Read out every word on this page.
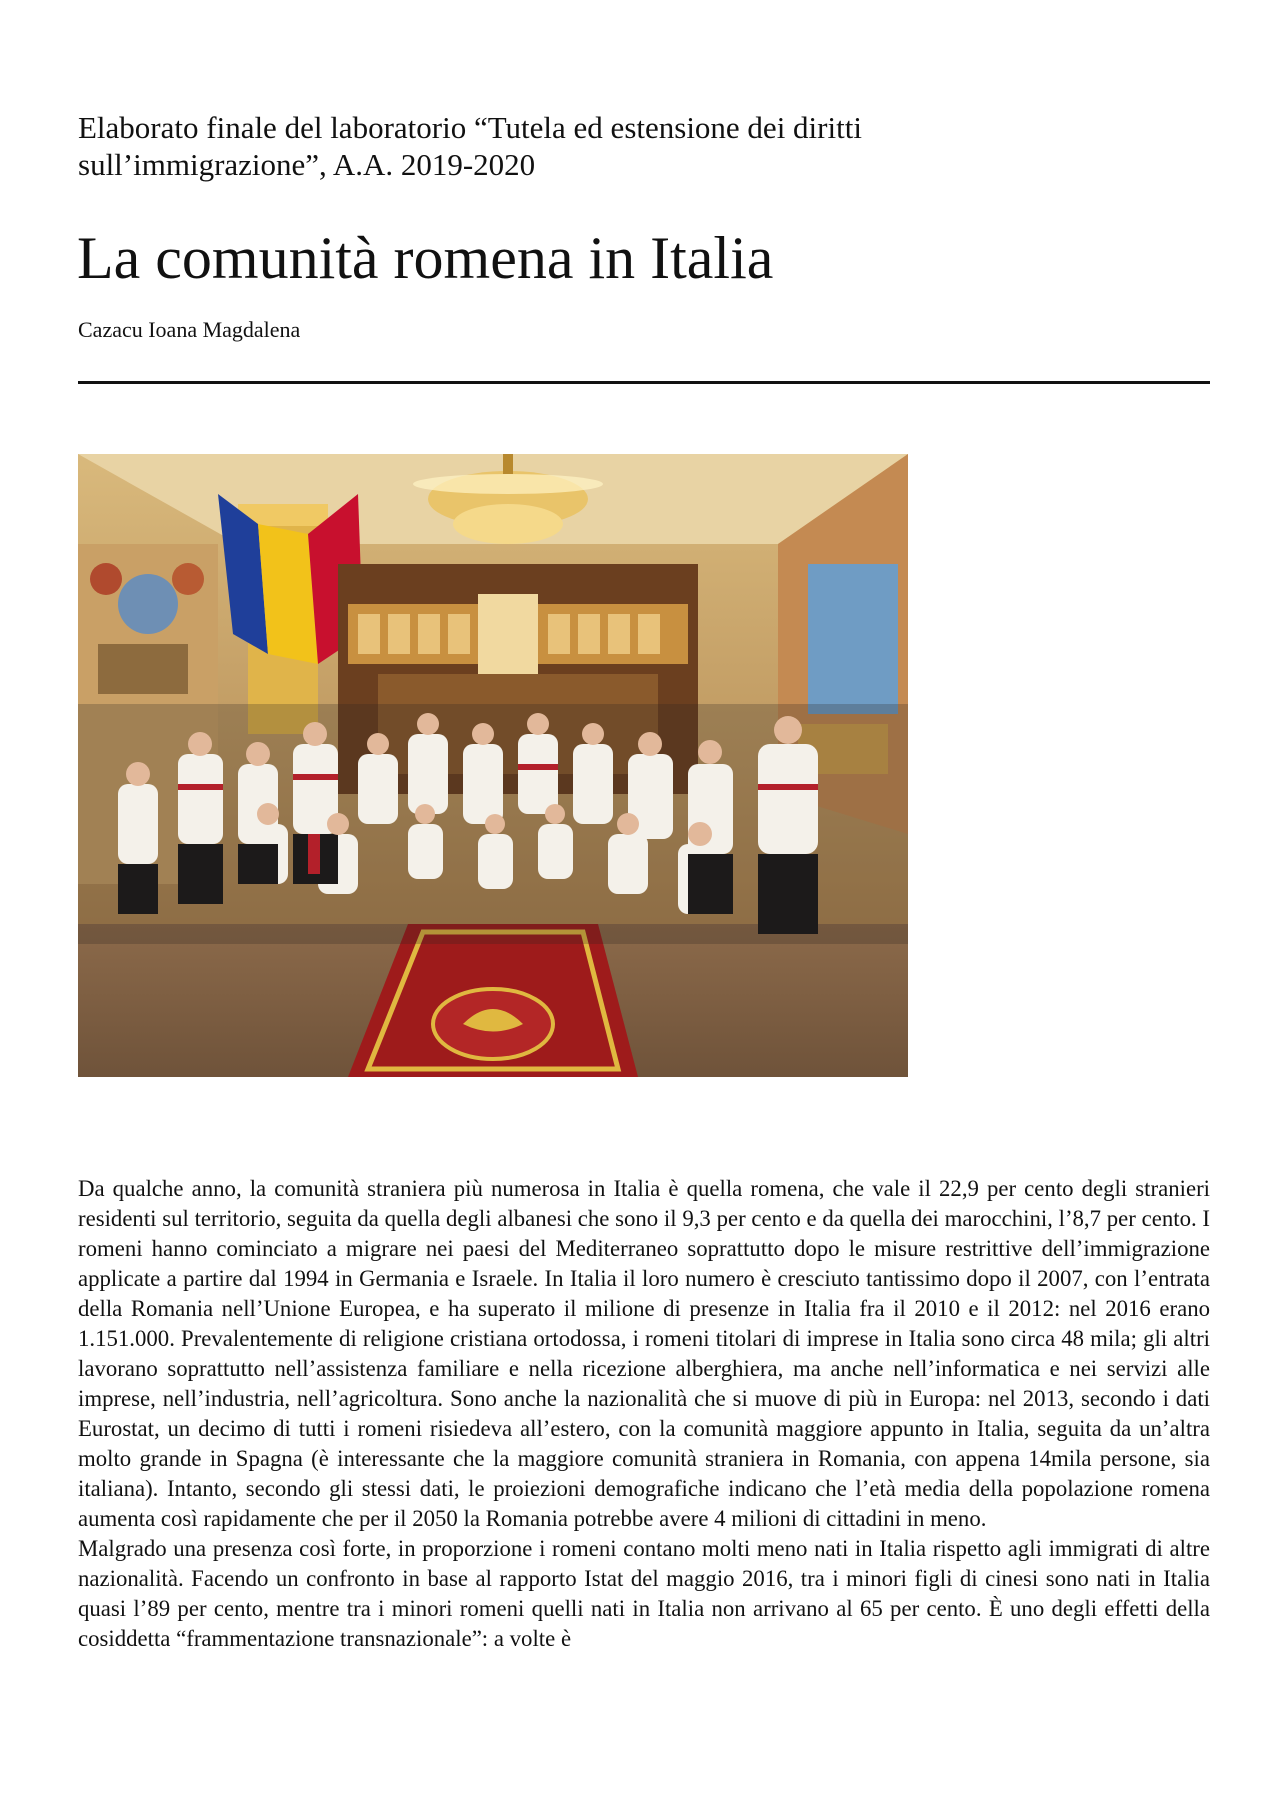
Elaborato finale del laboratorio “Tutela ed estensione dei diritti
sull’immigrazione”, A.A. 2019-2020
La comunità romena in Italia
Cazacu Ioana Magdalena

Da qualche anno, la comunità straniera più numerosa in Italia è quella romena, che vale il 22,9 per cento degli stranieri residenti sul territorio, seguita da quella degli albanesi che sono il 9,3 per cento e da quella dei marocchini, l’8,7 per cento. I romeni hanno cominciato a migrare nei paesi del Mediterraneo soprattutto dopo le misure restrittive dell’immigrazione applicate a partire dal 1994 in Germania e Israele. In Italia il loro numero è cresciuto tantissimo dopo il 2007, con l’entrata della Romania nell’Unione Europea, e ha superato il milione di presenze in Italia fra il 2010 e il 2012: nel 2016 erano 1.151.000. Prevalentemente di religione cristiana ortodossa, i romeni titolari di imprese in Italia sono circa 48 mila; gli altri lavorano soprattutto nell’assistenza familiare e nella ricezione alberghiera, ma anche nell’informatica e nei servizi alle imprese, nell’industria, nell’agricoltura. Sono anche la nazionalità che si muove di più in Europa: nel 2013, secondo i dati Eurostat, un decimo di tutti i romeni risiedeva all’estero, con la comunità maggiore appunto in Italia, seguita da un’altra molto grande in Spagna (è interessante che la maggiore comunità straniera in Romania, con appena 14mila persone, sia italiana). Intanto, secondo gli stessi dati, le proiezioni demografiche indicano che l’età media della popolazione romena aumenta così rapidamente che per il 2050 la Romania potrebbe avere 4 milioni di cittadini in meno.

Malgrado una presenza così forte, in proporzione i romeni contano molti meno nati in Italia rispetto agli immigrati di altre nazionalità. Facendo un confronto in base al rapporto Istat del maggio 2016, tra i minori figli di cinesi sono nati in Italia quasi l’89 per cento, mentre tra i minori romeni quelli nati in Italia non arrivano al 65 per cento. È uno degli effetti della cosiddetta “frammentazione transnazionale”: a volte è
